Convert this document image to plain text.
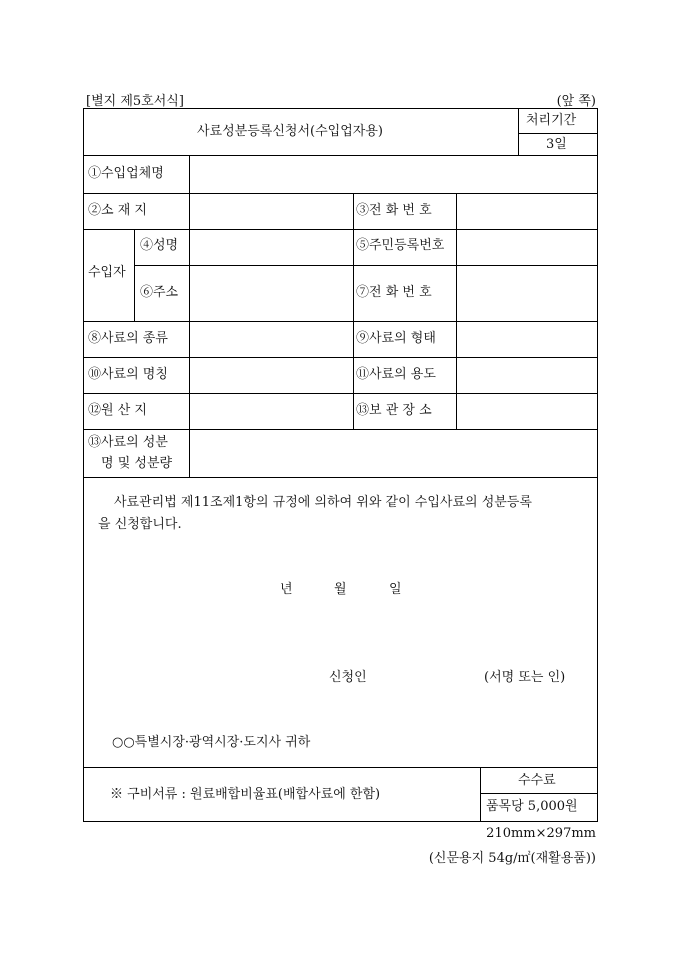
[별지 제5호서식]	(앞 쪽)
사료성분등록신청서(수입업자용)
처리기간
3일
①수입업체명
②소 재 지	③전 화 번 호
수입자
④성명	⑤주민등록번호
⑥주소	⑦전 화 번 호
⑧사료의 종류	⑨사료의 형태
⑩사료의 명칭	⑪사료의 용도
⑫원 산 지	⑬보 관 장 소
⑬사료의 성분
명 및 성분량
사료관리법 제11조제1항의 규정에 의하여 위와 같이 수입사료의 성분등록
을 신청합니다.
년	월	일
신청인	(서명 또는 인)
○○특별시장·광역시장·도지사 귀하
※ 구비서류 : 원료배합비율표(배합사료에 한함)
수수료
품목당 5,000원
210mm×297mm
(신문용지 54g/㎡(재활용품))
